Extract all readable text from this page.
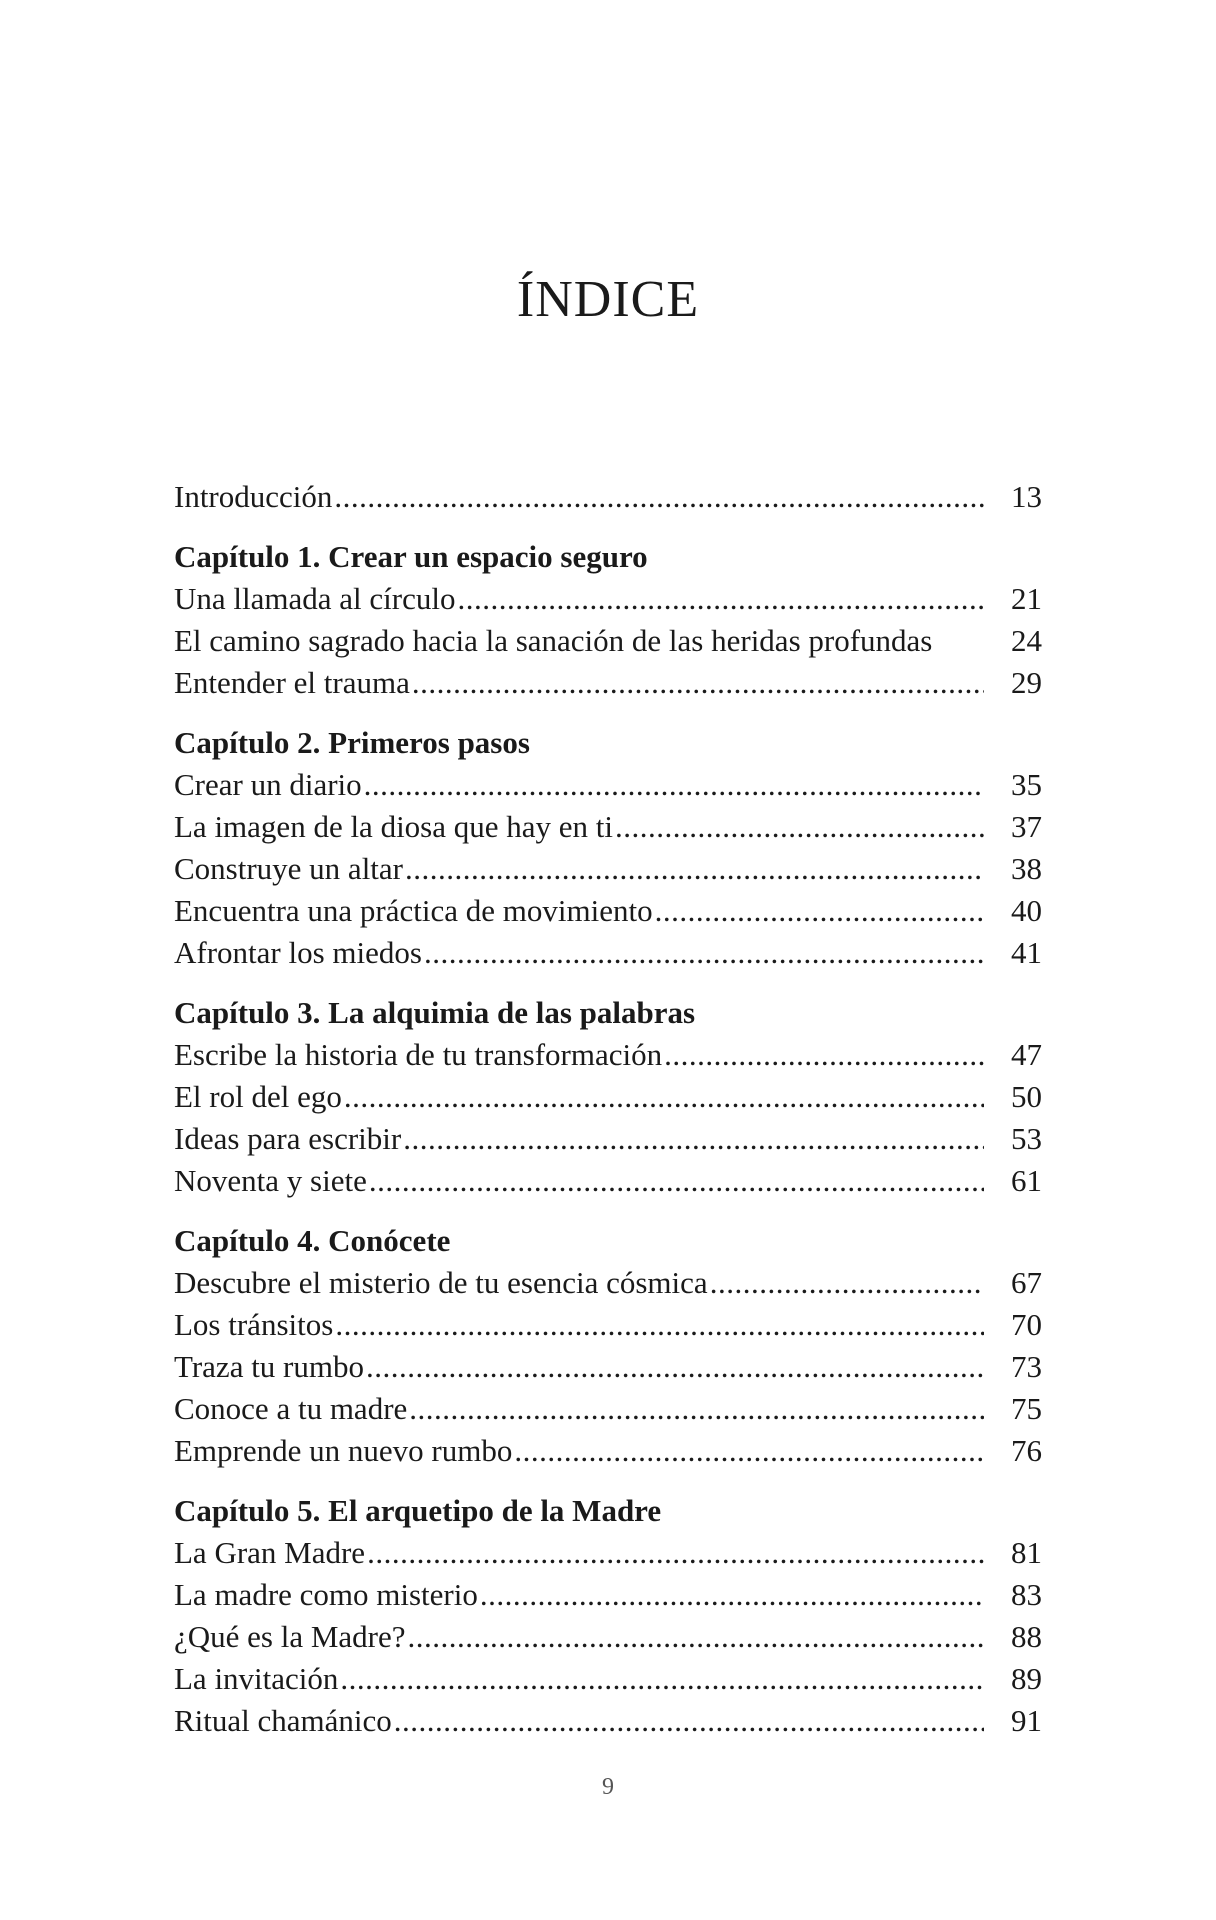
ÍNDICE
Introducción .....	13
Capítulo 1. Crear un espacio seguro
Una llamada al círculo .....	21
El camino sagrado hacia la sanación de las heridas profundas	24
Entender el trauma .....	29
Capítulo 2. Primeros pasos
Crear un diario .....	35
La imagen de la diosa que hay en ti .....	37
Construye un altar .....	38
Encuentra una práctica de movimiento .....	40
Afrontar los miedos .....	41
Capítulo 3. La alquimia de las palabras
Escribe la historia de tu transformación .....	47
El rol del ego .....	50
Ideas para escribir .....	53
Noventa y siete .....	61
Capítulo 4. Conócete
Descubre el misterio de tu esencia cósmica .....	67
Los tránsitos .....	70
Traza tu rumbo .....	73
Conoce a tu madre .....	75
Emprende un nuevo rumbo .....	76
Capítulo 5. El arquetipo de la Madre
La Gran Madre .....	81
La madre como misterio .....	83
¿Qué es la Madre? .....	88
La invitación .....	89
Ritual chamánico .....	91
9
